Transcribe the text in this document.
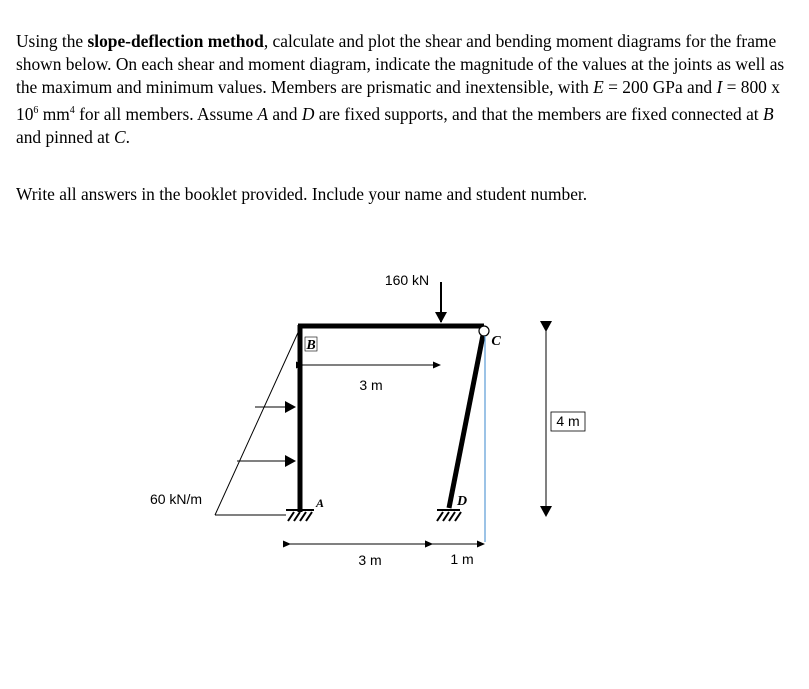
Using the slope-deflection method, calculate and plot the shear and bending moment diagrams for the frame shown below. On each shear and moment diagram, indicate the magnitude of the values at the joints as well as the maximum and minimum values. Members are prismatic and inextensible, with E = 200 GPa and I = 800 x $10^6$ $mm^4$ for all members. Assume A and D are fixed supports, and that the members are fixed connected at B and pinned at C.

Write all answers in the booklet provided. Include your name and student number.

160 kN
3 m
3 m	1 m
4 m
60 kN/m
B	C
A	D
